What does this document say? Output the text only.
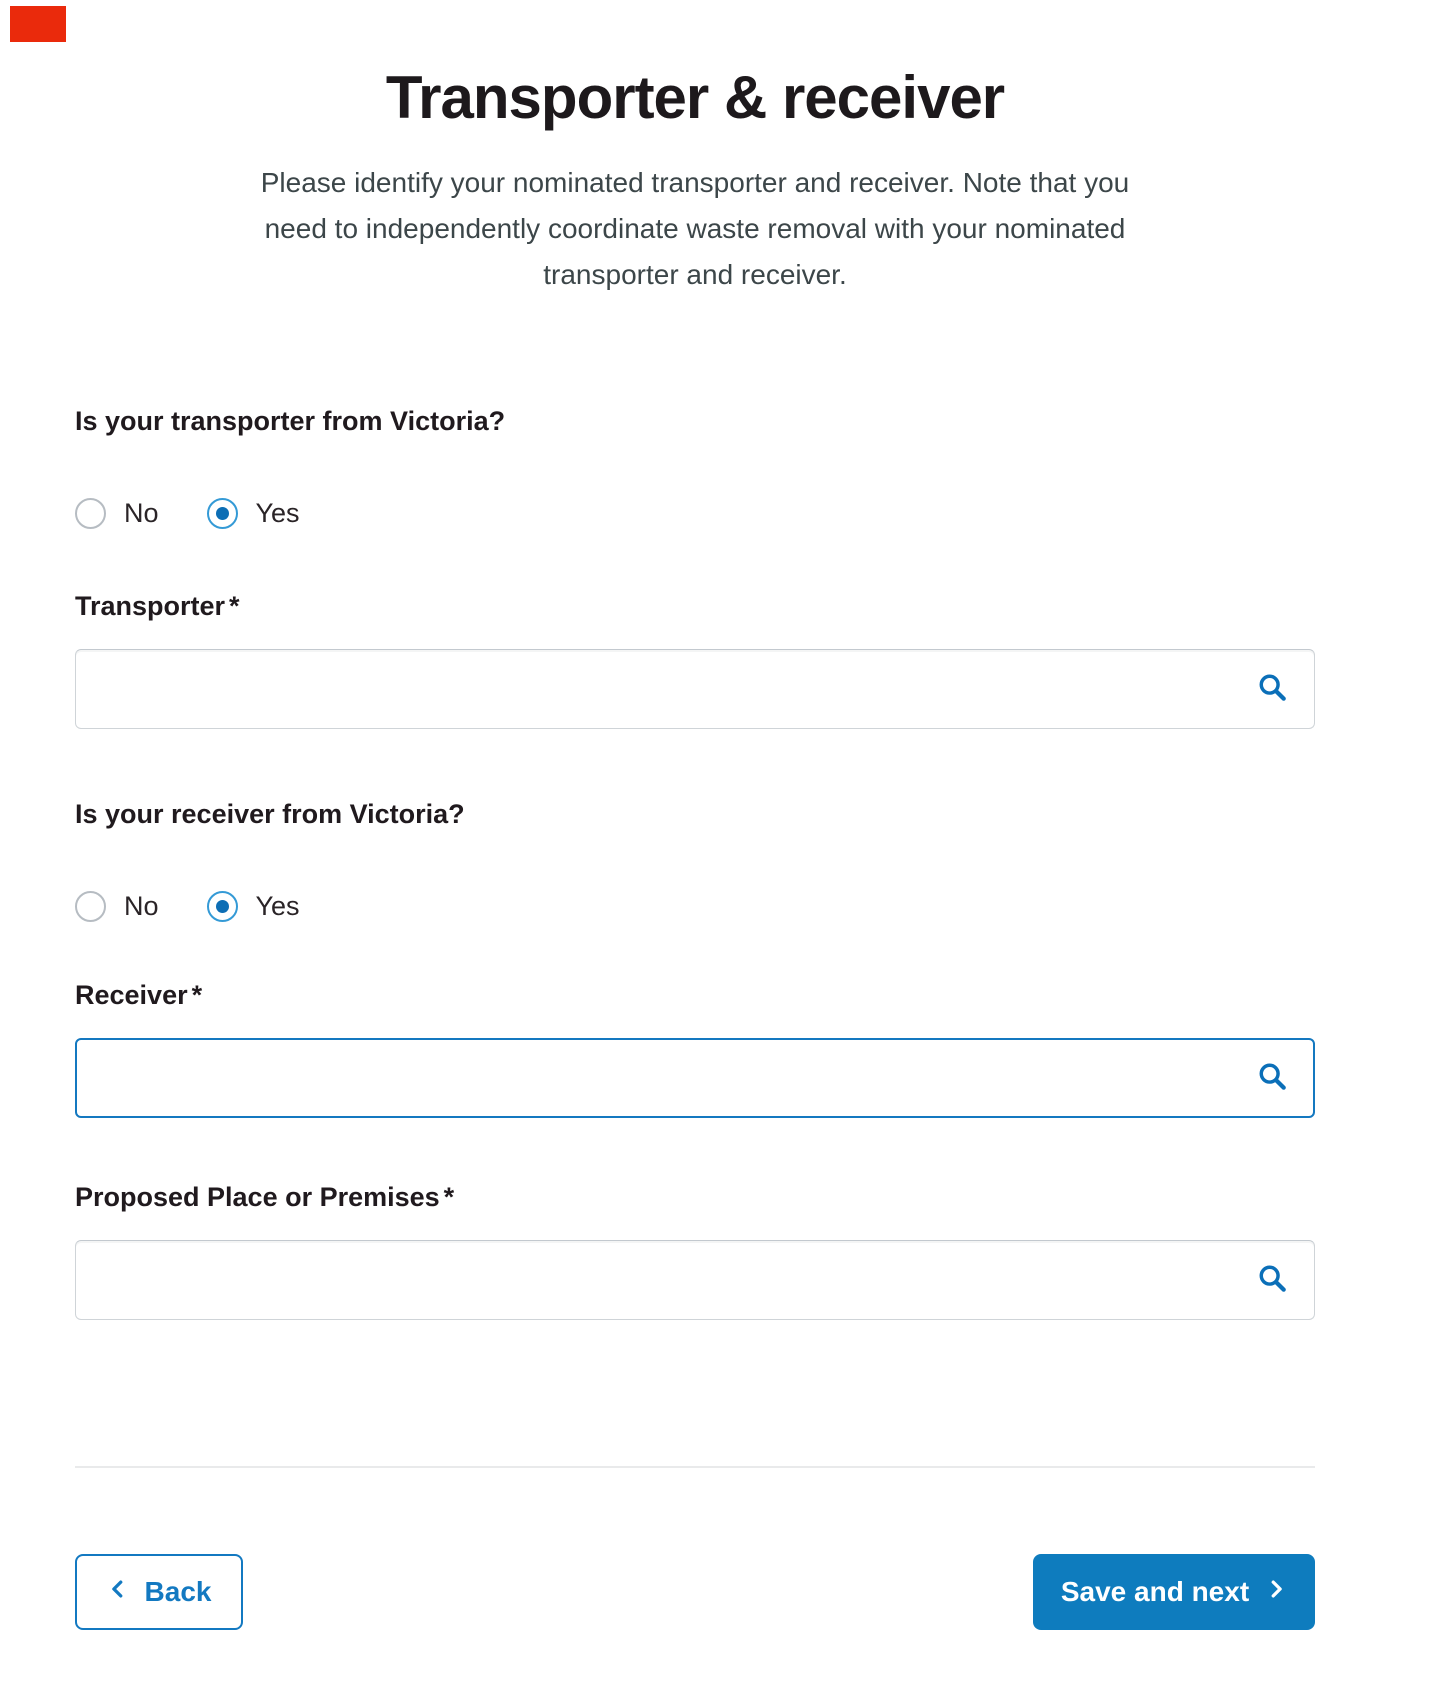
Transporter & receiver

Please identify your nominated transporter and receiver. Note that you
need to independently coordinate waste removal with your nominated
transporter and receiver.

Is your transporter from Victoria?
No	Yes
Transporter *
Is your receiver from Victoria?
No	Yes
Receiver *
Proposed Place or Premises *
Back	Save and next
